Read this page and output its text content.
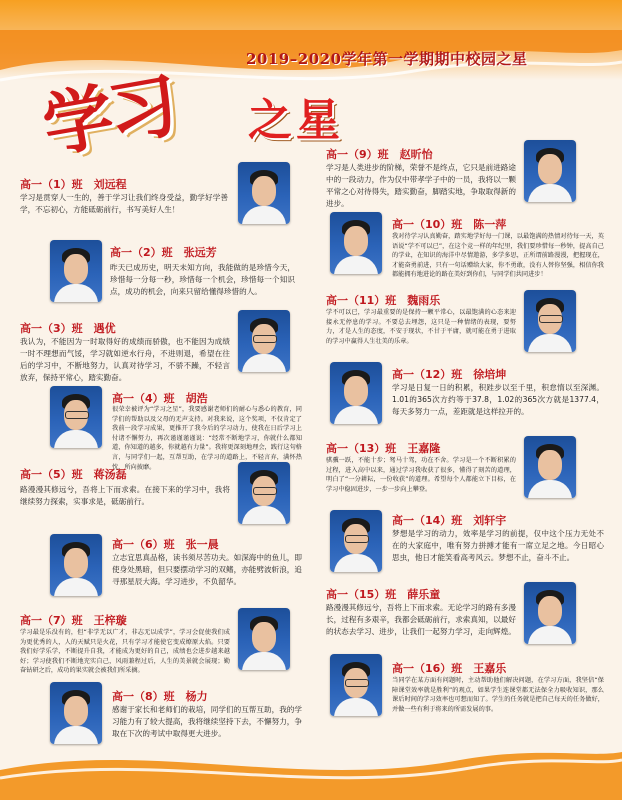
2019–2020学年第一学期期中校园之星
学习 之星
高一（1）班　刘远程
学习是贯穿人一生的，善于学习让我们终身受益，勤学好学善学，不忘初心，方能砥砺前行，书写美好人生！
高一（2）班　张远芳
昨天已成历史，明天未知方向，我能做的是珍惜今天，珍惜每一分每一秒，珍惜每一个机会，珍惜每一个知识点，成功的机会，向来只留给懂得珍惜的人。
高一（3）班　遇优
我认为，不能因为一时取得好的成绩而骄傲，也不能因为成绩一时不理想而气馁，学习就如逆水行舟，不进则退，希望在往后的学习中，不断地努力，认真对待学习，不骄不躁，不轻言放弃，保持平常心，踏实勤奋。
高一（4）班　胡浩
很荣幸被评为“学习之星”，我要感谢老师们的耐心与悉心的教育，同学们的帮助以及父母的无声支持。对我来说，这个奖项，不仅肯定了我前一段学习成果，更推开了我今后的学习动力，使我在日后学习上付诸不懈努力，再次谨谨谨谨说：“经常不断地学习，你就什么都知道，你知道的越多，你就越有力量”。我将更深刻地理会，践行这句格言，与同学们一起，互帮互助，在学习的道路上，不轻言弃，满怀热忱，所向披靡。
高一（5）班　蒋汤磊
路漫漫其修远兮，吾将上下而求索。在接下来的学习中，我将继续努力探索，实事求是，砥砺前行。
高一（6）班　张一晨
立志宜思真品格，读书须尽苦功夫。如深海中的鱼儿，即使身处黑暗，但只要摆动学习的双鳍，亦能劈波斩浪，追寻那星辰大海。学习进步，不负韶华。
高一（7）班　王梓璇
学习最是乐没有的，但“非学无以广才，非志无以成学”，学习会促使我们成为更优秀的人，人的天赋只是火花，只有学习才能使它变成燎原大焰。只要我们好学乐学，不断提升自我，才能成为更好的自己，成绩也会进步越来越好；学习使我们不断地充实自己，风雨兼程过后，人生的美景就会展现；勤奋钻研之后，成功的果实就会被我们所采摘。
高一（8）班　杨力
感谢于家长和老师们的栽培，同学们的互帮互助，我的学习能力有了较大提高，我将继续坚持下去，不懈努力，争取在下次的考试中取得更大进步。
高一（9）班　赵昕怡
学习是人类进步的阶梯，荣誉不是终点，它只是前进路途中的一段动力，作为仅中带孝学子中的一员，我将以一颗平常之心对待得失，踏实勤奋，脚踏实地，争取取得新的进步。
高一（10）班　陈一萍
我对待学习认真勤奋，踏实地学好每一门课，以最饱满的热情对待每一天，英语说“学不可以已”，在这个竞一样的年纪里，我们要珍惜每一秒钟，提高自己的学业，在知识的海洋中尽情遨游，多学多思，正所谓前路漫漫，把握现在，才能奋勇前进，只有一句话赠给大家，你不勇敢，没有人替你坚强，相信你我都能拥有地进论的路在美好到你们，与同学们共同进步！
高一（11）班　魏雨乐
学不可以已，学习最重要的是保持一颗平常心，以最饱满的心态来迎接永无停息的学习。不要总去埋怨，这只是一种情绪的表现，要努力，才是人生的态度，不安于现状，不甘于平庸，就可能在勇于进取的学习中赢得人生壮美的乐章。
高一（12）班　徐培坤
学习是日复一日的积累，积跬步以至千里，积怠惰以至深渊。1.01的365次方约等于37.8，1.02的365次方就是1377.4，每天多努力一点，差距就是这样拉开的。
高一（13）班　王嘉隆
骐骥一跃，不能十步；驽马十驾，功在不舍。学习是一个不断积累的过程，进入高中以来，通过学习我收获了很多，懂得了刻苦的道理，明白了“一分耕耘，一份收获”的道理。希望每个人都能立下目标，在学习中稳固进步，一步一步向上攀登。
高一（14）班　刘轩宇
梦想是学习的动力，效率是学习的前提，仅中这个压力无处不在的大家庭中，唯有努力拼搏才能有一席立足之地。今日昭心思虫，他日才能笑看高考风云。梦想不止，奋斗不止。
高一（15）班　薛乐童
路漫漫其修远兮，吾将上下而求索。无论学习的路有多漫长，过程有多艰辛，我都会砥砺前行，求索真知，以最好的状态去学习、进步，让我们一起努力学习，走向辉煌。
高一（16）班　王嘉乐
当同学在某方面有问题时，主动帮助他们解决问题，在学习方面，我坚信“保障课堂效率就是胜利”的观点，如果学生连课堂都无法保全力吸收知识，那么课后时间的学习效率也可想而知了。学生的任务就是把自己每天的任务做好，并做一些有利于将来的所需发展的事。
